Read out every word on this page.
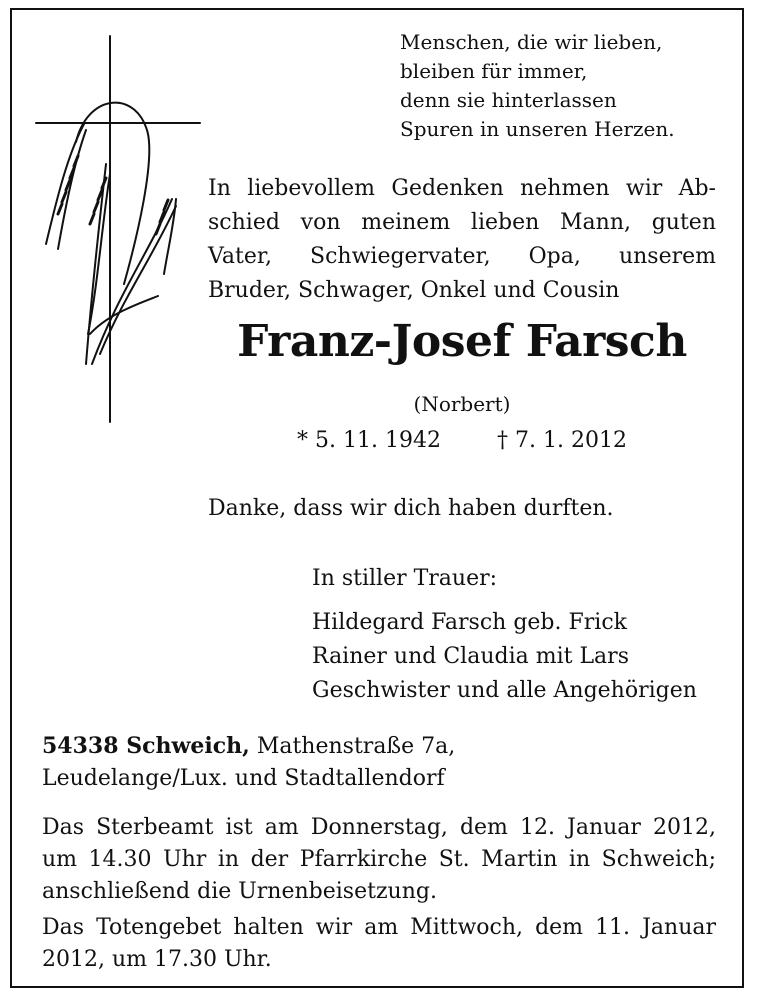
Menschen, die wir lieben,
bleiben für immer,
denn sie hinterlassen
Spuren in unseren Herzen.
In liebevollem Gedenken nehmen wir Ab-
schied von meinem lieben Mann, guten
Vater, Schwiegervater, Opa, unserem
Bruder, Schwager, Onkel und Cousin
Franz-Josef Farsch
(Norbert)
* 5. 11. 1942	† 7. 1. 2012
Danke, dass wir dich haben durften.
In stiller Trauer:
Hildegard Farsch geb. Frick
Rainer und Claudia mit Lars
Geschwister und alle Angehörigen
54338 Schweich, Mathenstraße 7a,
Leudelange/Lux. und Stadtallendorf
Das Sterbeamt ist am Donnerstag, dem 12. Januar 2012,
um 14.30 Uhr in der Pfarrkirche St. Martin in Schweich;
anschließend die Urnenbeisetzung.
Das Totengebet halten wir am Mittwoch, dem 11. Januar
2012, um 17.30 Uhr.
